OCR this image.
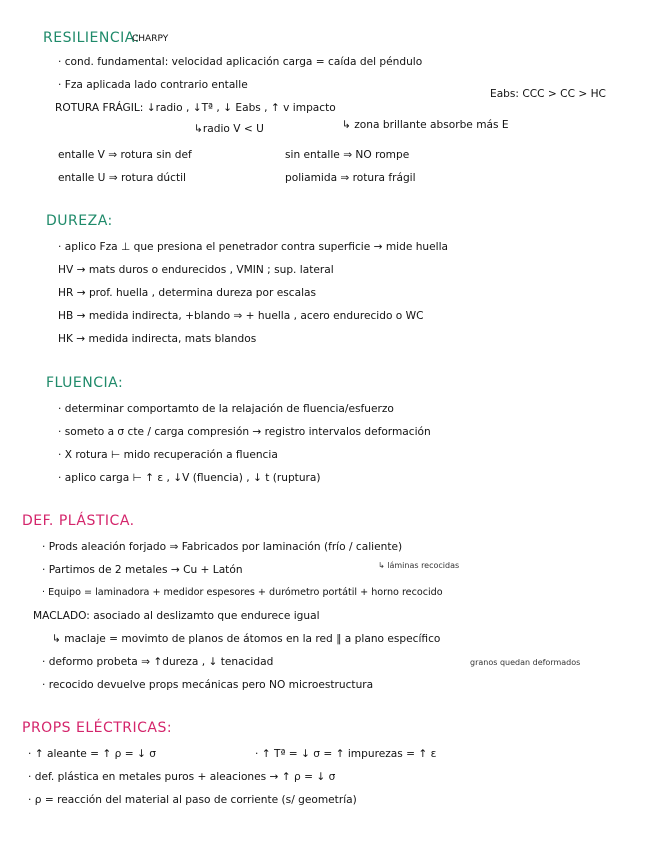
RESILIENCIA:
CHARPY
· cond. fundamental: velocidad aplicación carga = caída del péndulo
· Fza aplicada lado contrario entalle
Eabs: CCC > CC > HC
ROTURA FRÁGIL: ↓radio , ↓Tª , ↓ Eabs , ↑ v impacto
↳radio V < U	↳ zona brillante absorbe más E
entalle V ⇒ rotura sin def	sin entalle ⇒ NO rompe
entalle U ⇒ rotura dúctil	poliamida ⇒ rotura frágil
DUREZA:
· aplico Fza ⊥ que presiona el penetrador contra superficie → mide huella
HV → mats duros o endurecidos , VMIN ; sup. lateral
HR → prof. huella , determina dureza por escalas
HB → medida indirecta, +blando ⇒ + huella , acero endurecido o WC
HK → medida indirecta, mats blandos
FLUENCIA:
· determinar comportamto de la relajación de fluencia/esfuerzo
· someto a σ cte / carga compresión → registro intervalos deformación
· X rotura ⊢ mido recuperación a fluencia
· aplico carga ⊢ ↑ ε , ↓V (fluencia) , ↓ t (ruptura)
DEF. PLÁSTICA.
· Prods aleación forjado ⇒ Fabricados por laminación (frío / caliente)
· Partimos de 2 metales → Cu + Latón	↳ láminas recocidas
· Equipo = laminadora + medidor espesores + durómetro portátil + horno recocido
MACLADO: asociado al deslizamto que endurece igual
↳ maclaje = movimto de planos de átomos en la red ∥ a plano específico
· deformo probeta ⇒ ↑dureza , ↓ tenacidad	granos quedan deformados
· recocido devuelve props mecánicas pero NO microestructura
PROPS ELÉCTRICAS:
· ↑ aleante = ↑ ρ = ↓ σ	· ↑ Tª = ↓ σ = ↑ impurezas = ↑ ε
· def. plástica en metales puros + aleaciones → ↑ ρ = ↓ σ
· ρ = reacción del material al paso de corriente (s/ geometría)
